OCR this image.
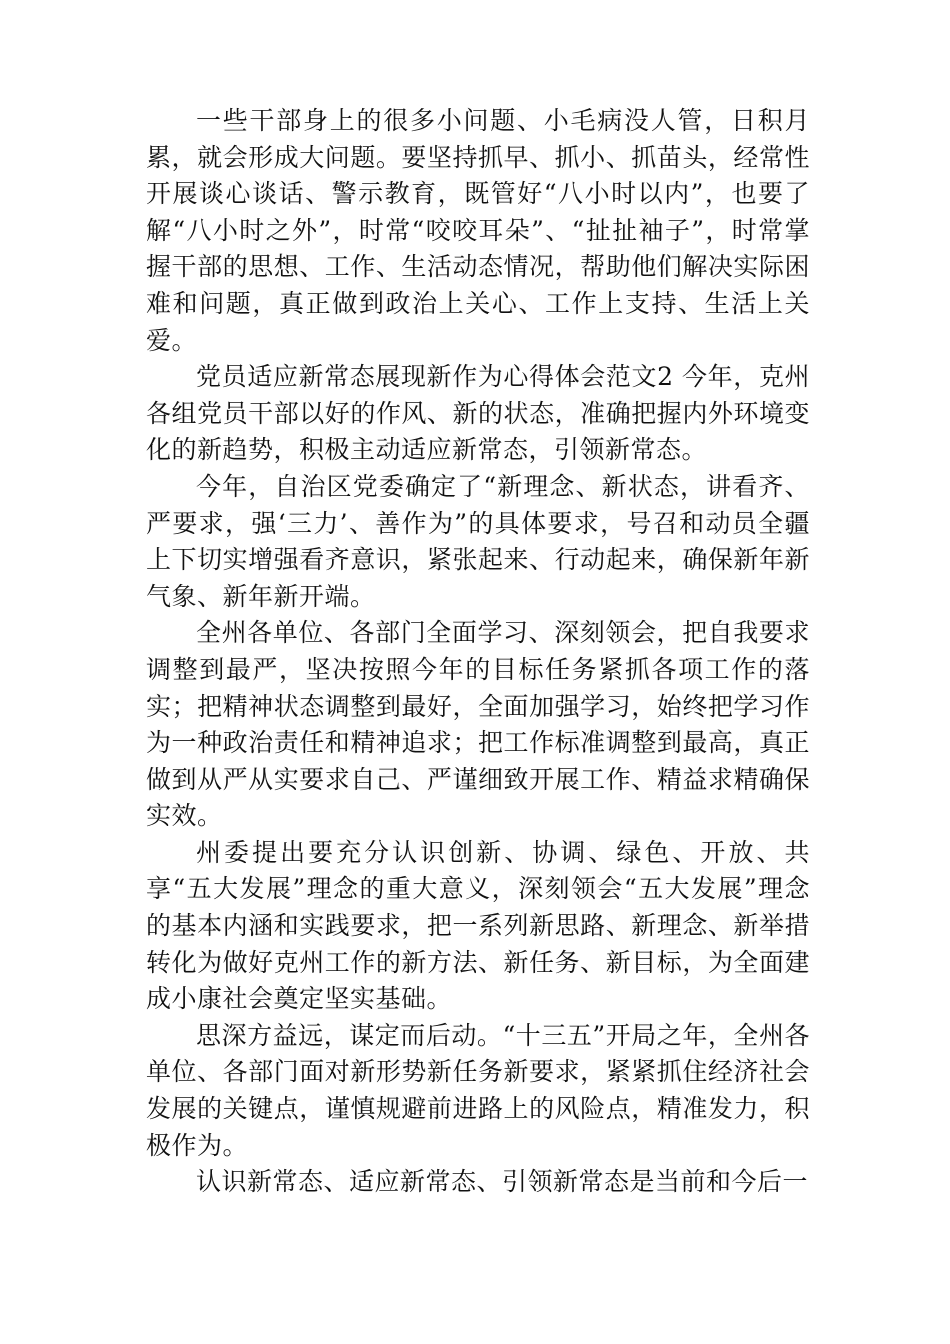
一些干部身上的很多小问题、小毛病没人管，日积月累，就会形成大问题。要坚持抓早、抓小、抓苗头，经常性开展谈心谈话、警示教育，既管好“八小时以内”，也要了解“八小时之外”，时常“咬咬耳朵”、“扯扯袖子”，时常掌握干部的思想、工作、生活动态情况，帮助他们解决实际困难和问题，真正做到政治上关心、工作上支持、生活上关爱。

党员适应新常态展现新作为心得体会范文2 今年，克州各组党员干部以好的作风、新的状态，准确把握内外环境变化的新趋势，积极主动适应新常态，引领新常态。

今年，自治区党委确定了“新理念、新状态，讲看齐、严要求，强‘三力’、善作为”的具体要求，号召和动员全疆上下切实增强看齐意识，紧张起来、行动起来，确保新年新气象、新年新开端。

全州各单位、各部门全面学习、深刻领会，把自我要求调整到最严，坚决按照今年的目标任务紧抓各项工作的落实；把精神状态调整到最好，全面加强学习，始终把学习作为一种政治责任和精神追求；把工作标准调整到最高，真正做到从严从实要求自己、严谨细致开展工作、精益求精确保实效。

州委提出要充分认识创新、协调、绿色、开放、共享“五大发展”理念的重大意义，深刻领会“五大发展”理念的基本内涵和实践要求，把一系列新思路、新理念、新举措转化为做好克州工作的新方法、新任务、新目标，为全面建成小康社会奠定坚实基础。

思深方益远，谋定而后动。“十三五”开局之年，全州各单位、各部门面对新形势新任务新要求，紧紧抓住经济社会发展的关键点，谨慎规避前进路上的风险点，精准发力，积极作为。

认识新常态、适应新常态、引领新常态是当前和今后一
